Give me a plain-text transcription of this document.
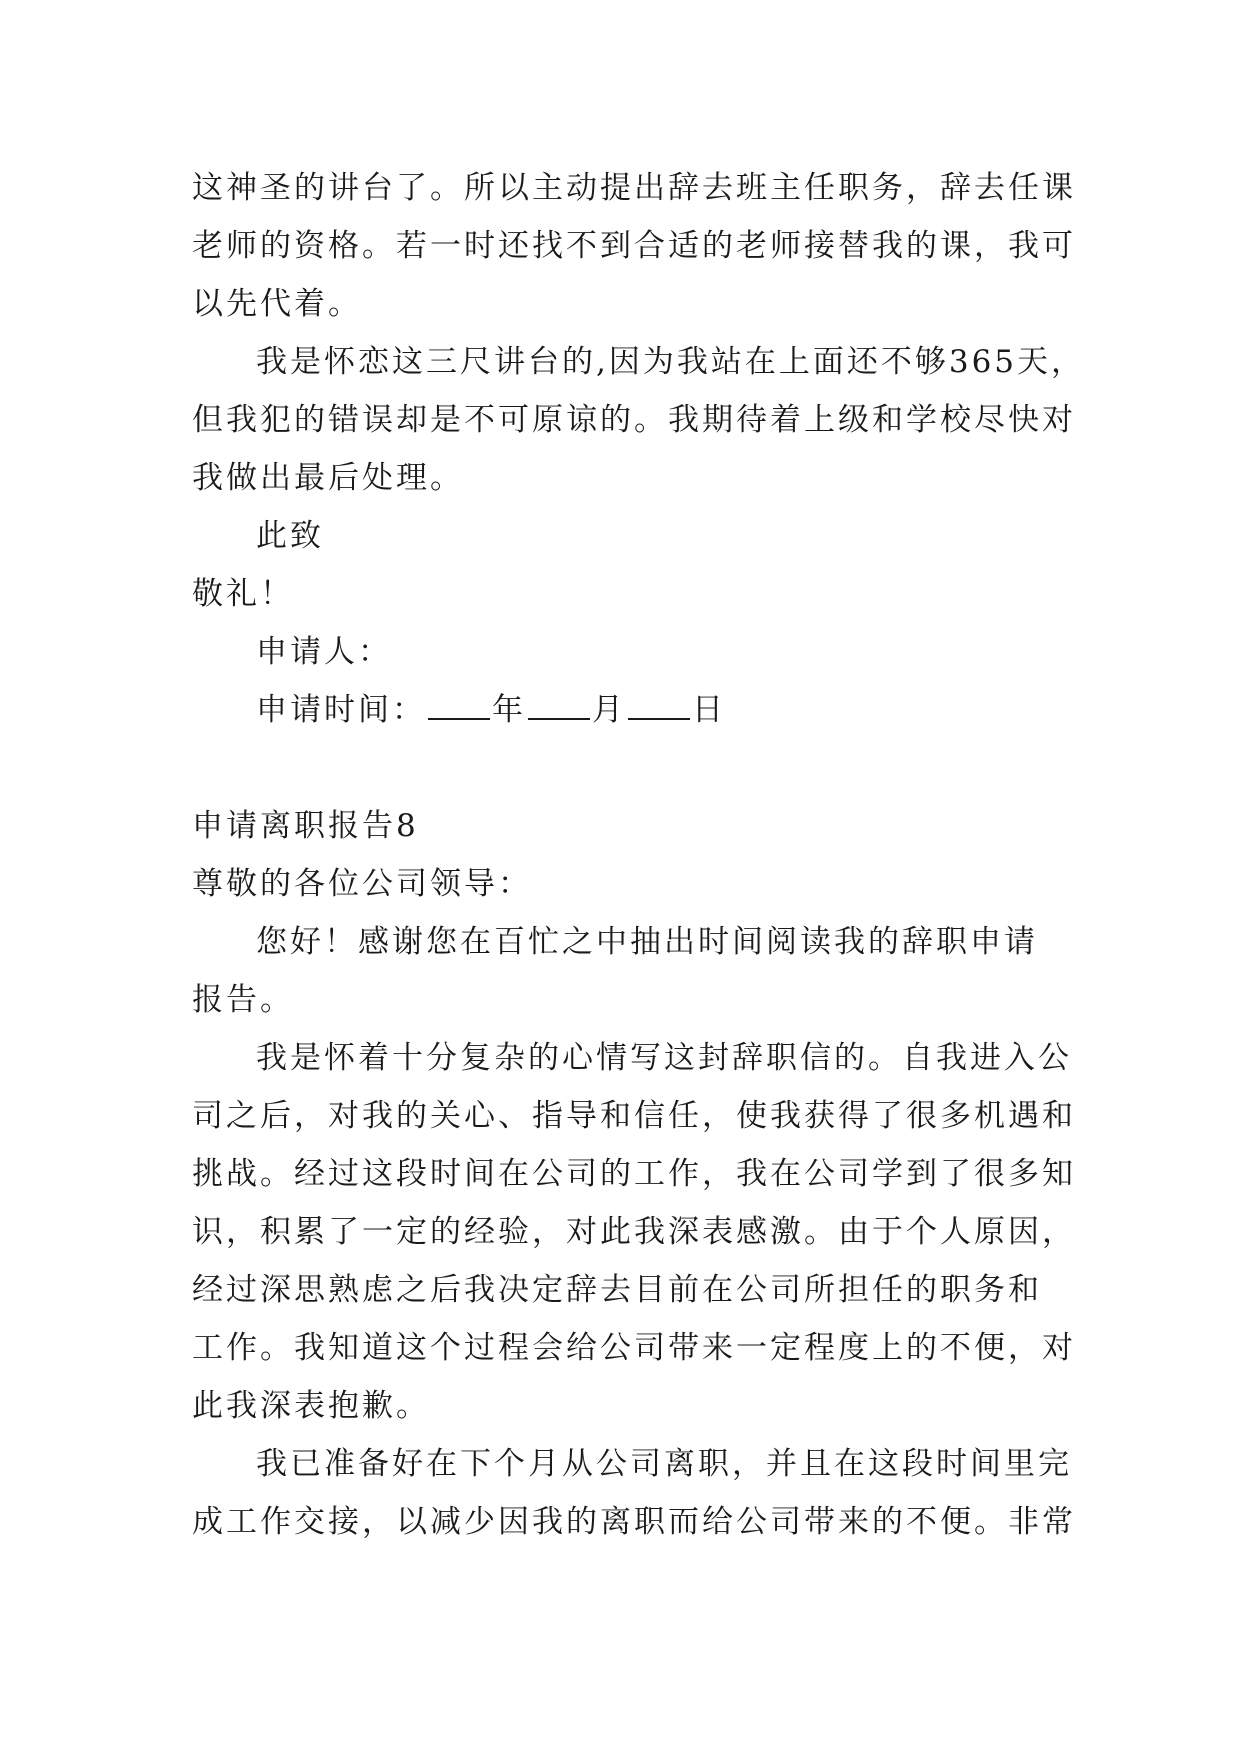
这神圣的讲台了。所以主动提出辞去班主任职务，辞去任课
老师的资格。若一时还找不到合适的老师接替我的课，我可
以先代着。
我是怀恋这三尺讲台的,因为我站在上面还不够365天，
但我犯的错误却是不可原谅的。我期待着上级和学校尽快对
我做出最后处理。
此致
敬礼！
申请人：
申请时间： 年 月 日
申请离职报告8
尊敬的各位公司领导：
您好！感谢您在百忙之中抽出时间阅读我的辞职申请
报告。
我是怀着十分复杂的心情写这封辞职信的。自我进入公
司之后，对我的关心、指导和信任，使我获得了很多机遇和
挑战。经过这段时间在公司的工作，我在公司学到了很多知
识，积累了一定的经验，对此我深表感激。由于个人原因，
经过深思熟虑之后我决定辞去目前在公司所担任的职务和
工作。我知道这个过程会给公司带来一定程度上的不便，对
此我深表抱歉。
我已准备好在下个月从公司离职，并且在这段时间里完
成工作交接，以减少因我的离职而给公司带来的不便。非常
